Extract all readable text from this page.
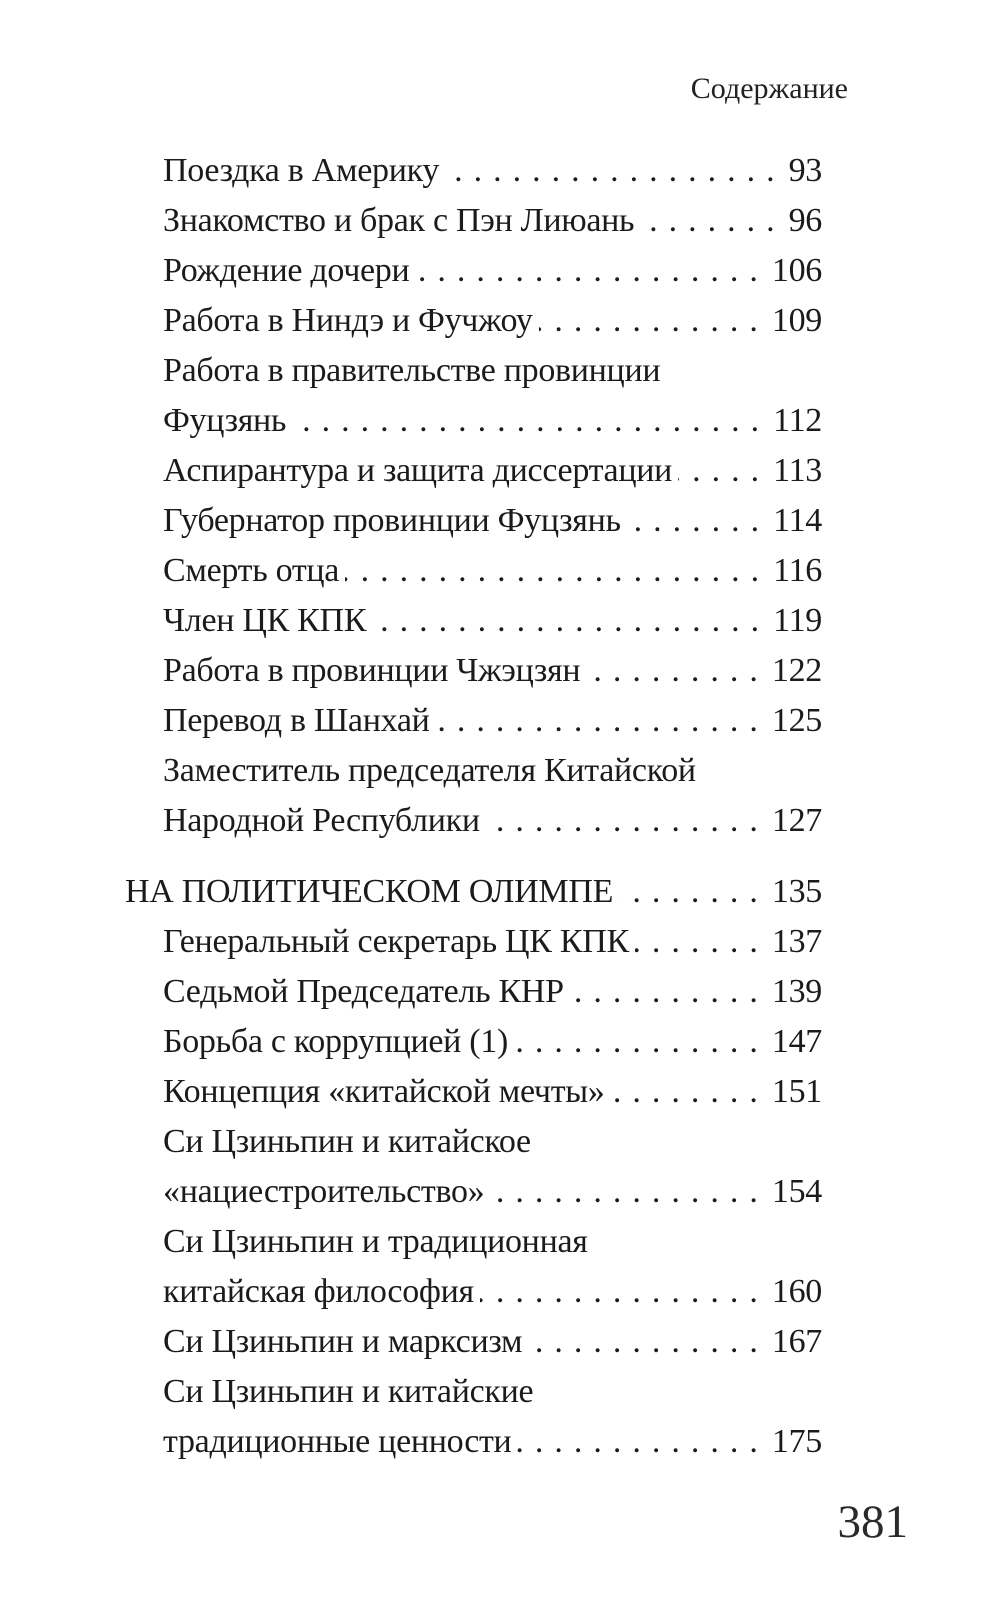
Содержание
Поездка в Америку .....	93
Знакомство и брак с Пэн Лиюань .....	96
Рождение дочери .....	106
Работа в Ниндэ и Фучжоу .....	109
Работа в правительстве провинции
Фуцзянь .....	112
Аспирантура и защита диссертации .....	113
Губернатор провинции Фуцзянь .....	114
Смерть отца .....	116
Член ЦК КПК .....	119
Работа в провинции Чжэцзян .....	122
Перевод в Шанхай .....	125
Заместитель председателя Китайской
Народной Республики .....	127
НА ПОЛИТИЧЕСКОМ ОЛИМПЕ .....	135
Генеральный секретарь ЦК КПК .....	137
Седьмой Председатель КНР .....	139
Борьба с коррупцией (1) .....	147
Концепция «китайской мечты» .....	151
Си Цзиньпин и китайское
«нациестроительство» .....	154
Си Цзиньпин и традиционная
китайская философия .....	160
Си Цзиньпин и марксизм .....	167
Си Цзиньпин и китайские
традиционные ценности .....	175
381
